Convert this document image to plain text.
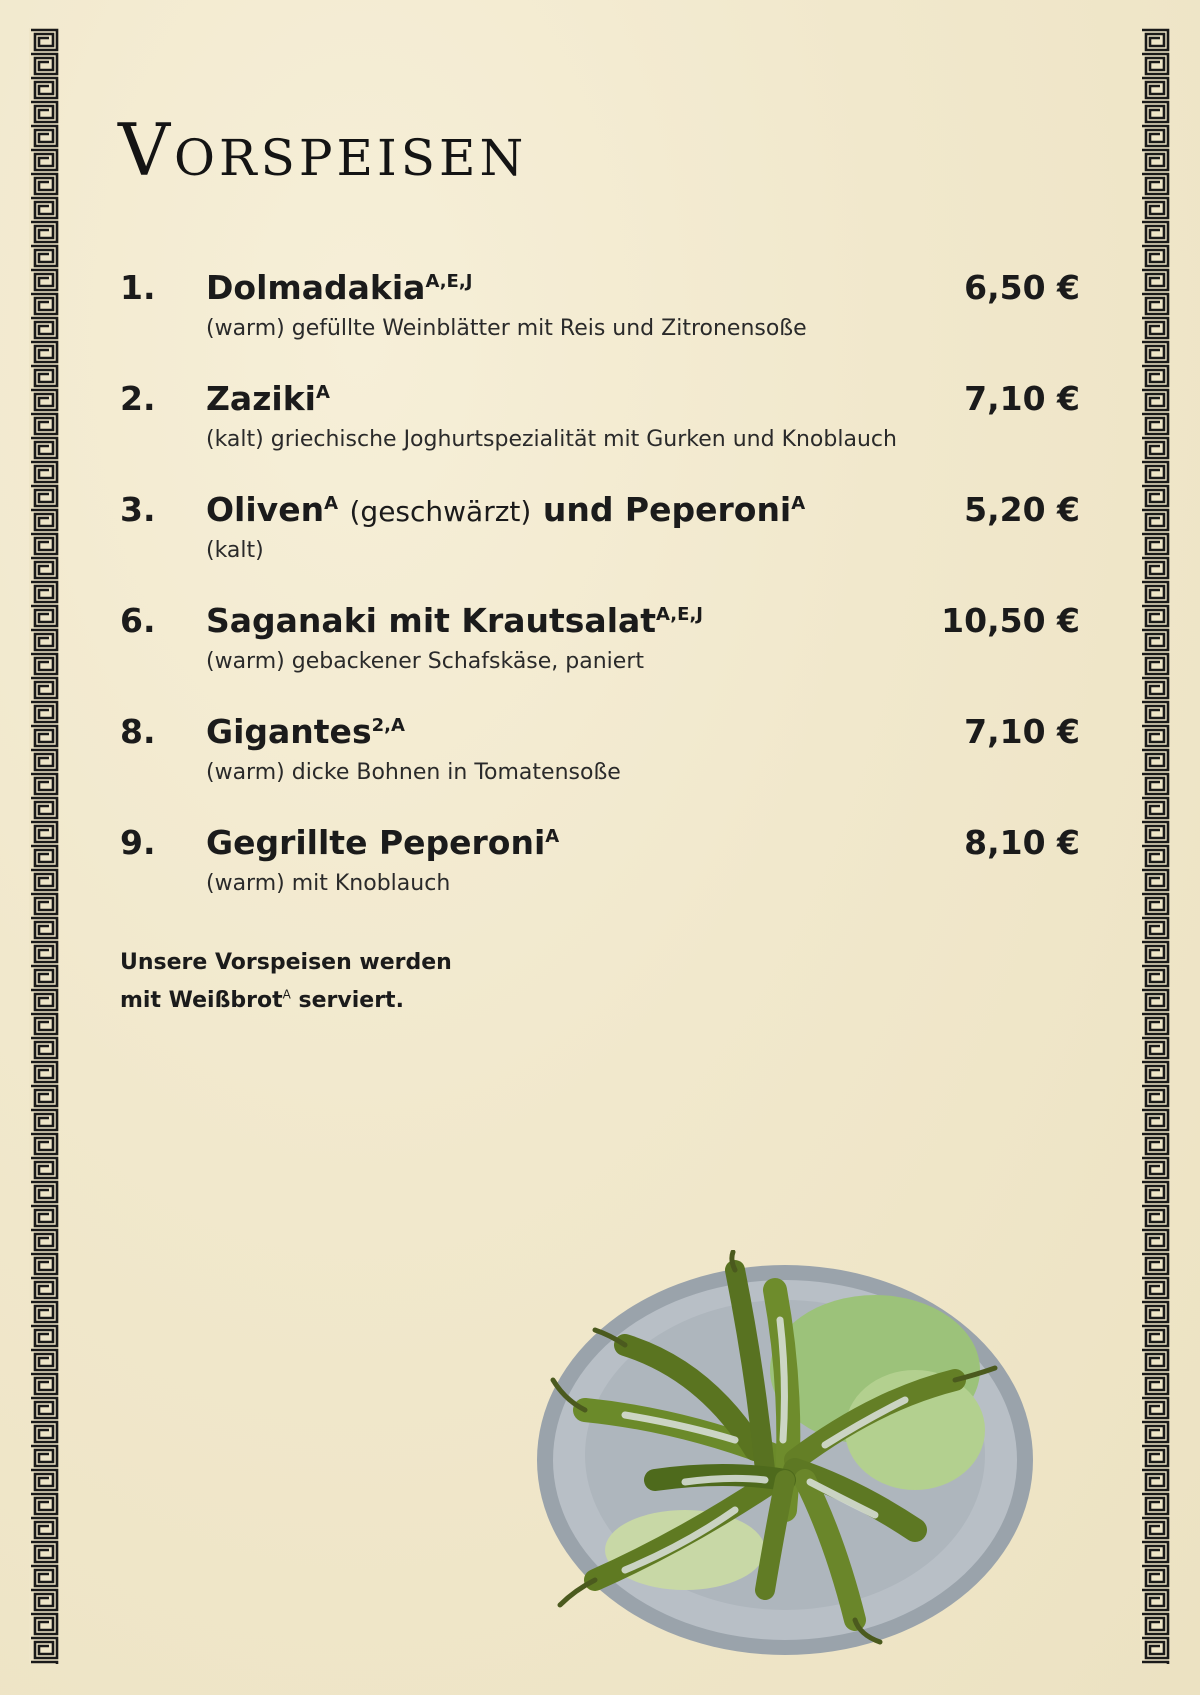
Vorspeisen
1. Dolmadakia$^{A,E,J}$
(warm) gefüllte Weinblätter mit Reis und Zitronensoße
6,50 €
2. Zaziki$^A$
(kalt) griechische Joghurtspezialität mit Gurken und Knoblauch
7,10 €
3. Oliven$^A$ (geschwärzt) und Peperoni$^A$
(kalt)
5,20 €
6. Saganaki mit Krautsalat$^{A,E,J}$
(warm) gebackener Schafskäse, paniert
10,50 €
8. Gigantes$^{2,A}$
(warm) dicke Bohnen in Tomatensoße
7,10 €
9. Gegrillte Peperoni$^A$
(warm) mit Knoblauch
8,10 €
Unsere Vorspeisen werden
mit Weißbrot$^A$ serviert.
